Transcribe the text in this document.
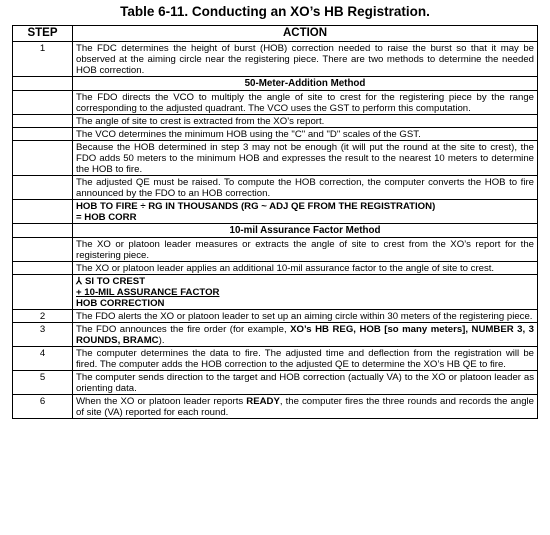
Table 6-11. Conducting an XO’s HB Registration.
STEP	ACTION
1	The FDC determines the height of burst (HOB) correction needed to raise the burst so that it may be observed at the aiming circle near the registering piece. There are two methods to determine the needed HOB correction.
	50-Meter-Addition Method
	The FDO directs the VCO to multiply the angle of site to crest for the registering piece by the range corresponding to the adjusted quadrant. The VCO uses the GST to perform this computation.
	The angle of site to crest is extracted from the XO’s report.
	The VCO determines the minimum HOB using the "C" and "D" scales of the GST.
	Because the HOB determined in step 3 may not be enough (it will put the round at the site to crest), the FDO adds 50 meters to the minimum HOB and expresses the result to the nearest 10 meters to determine the HOB to fire.
	The adjusted QE must be raised. To compute the HOB correction, the computer converts the HOB to fire announced by the FDO to an HOB correction.

	HOB TO FIRE ÷ RG IN THOUSANDS (RG ~ ADJ QE FROM THE REGISTRATION)
= HOB CORR

	10-mil Assurance Factor Method
	The XO or platoon leader measures or extracts the angle of site to crest from the XO’s report for the registering piece.
	The XO or platoon leader applies an additional 10-mil assurance factor to the angle of site to crest.

	⅄ SI TO CREST
+ 10-MIL ASSURANCE FACTOR
HOB CORRECTION

2	The FDO alerts the XO or platoon leader to set up an aiming circle within 30 meters of the registering piece.
3	The FDO announces the fire order (for example, XO’s HB REG, HOB [so many meters], NUMBER 3, 3 ROUNDS, BRAMC).
4	The computer determines the data to fire. The adjusted time and deflection from the registration will be fired. The computer adds the HOB correction to the adjusted QE to determine the XO’s HB QE to fire.
5	The computer sends direction to the target and HOB correction (actually VA) to the XO or platoon leader as orienting data.
6	When the XO or platoon leader reports READY, the computer fires the three rounds and records the angle of site (VA) reported for each round.
